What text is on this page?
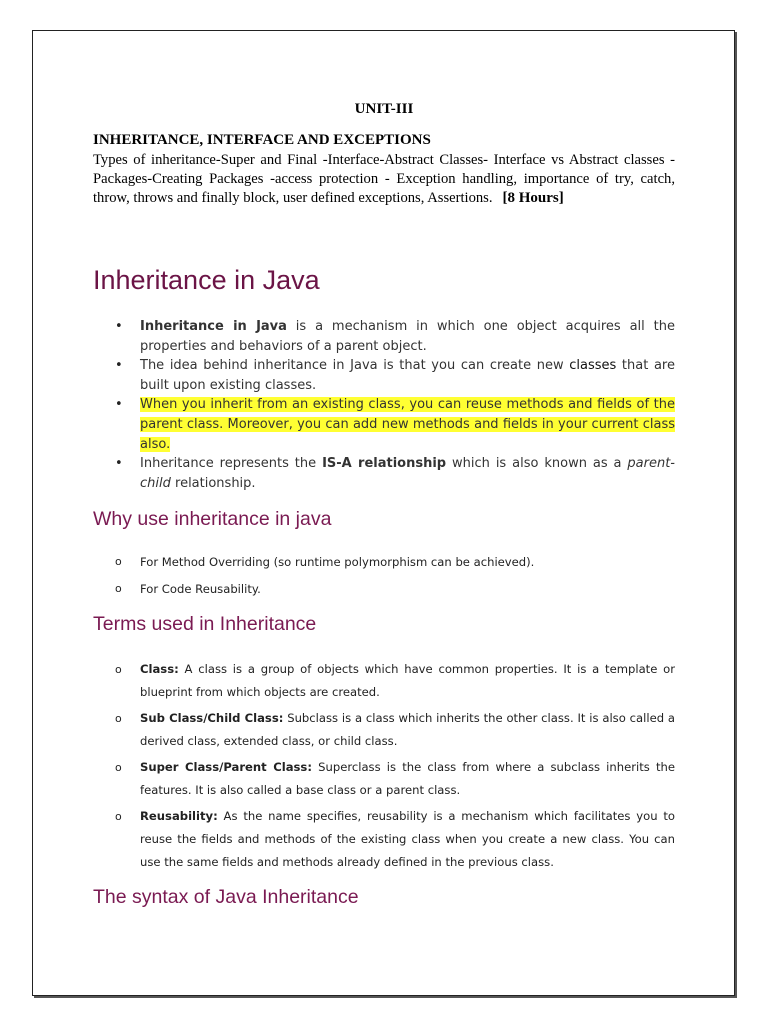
UNIT-III
INHERITANCE, INTERFACE AND EXCEPTIONS
Types of inheritance-Super and Final -Interface-Abstract Classes- Interface vs Abstract classes -Packages-Creating Packages -access protection - Exception handling, importance of try, catch, throw, throws and finally block, user defined exceptions, Assertions. [8 Hours]
Inheritance in Java
• Inheritance in Java is a mechanism in which one object acquires all the properties and behaviors of a parent object.
• The idea behind inheritance in Java is that you can create new classes that are built upon existing classes.
• When you inherit from an existing class, you can reuse methods and fields of the parent class. Moreover, you can add new methods and fields in your current class also.
• Inheritance represents the IS-A relationship which is also known as a parent-child relationship.
Why use inheritance in java
o For Method Overriding (so runtime polymorphism can be achieved).
o For Code Reusability.
Terms used in Inheritance
o Class: A class is a group of objects which have common properties. It is a template or blueprint from which objects are created.
o Sub Class/Child Class: Subclass is a class which inherits the other class. It is also called a derived class, extended class, or child class.
o Super Class/Parent Class: Superclass is the class from where a subclass inherits the features. It is also called a base class or a parent class.
o Reusability: As the name specifies, reusability is a mechanism which facilitates you to reuse the fields and methods of the existing class when you create a new class. You can use the same fields and methods already defined in the previous class.
The syntax of Java Inheritance
